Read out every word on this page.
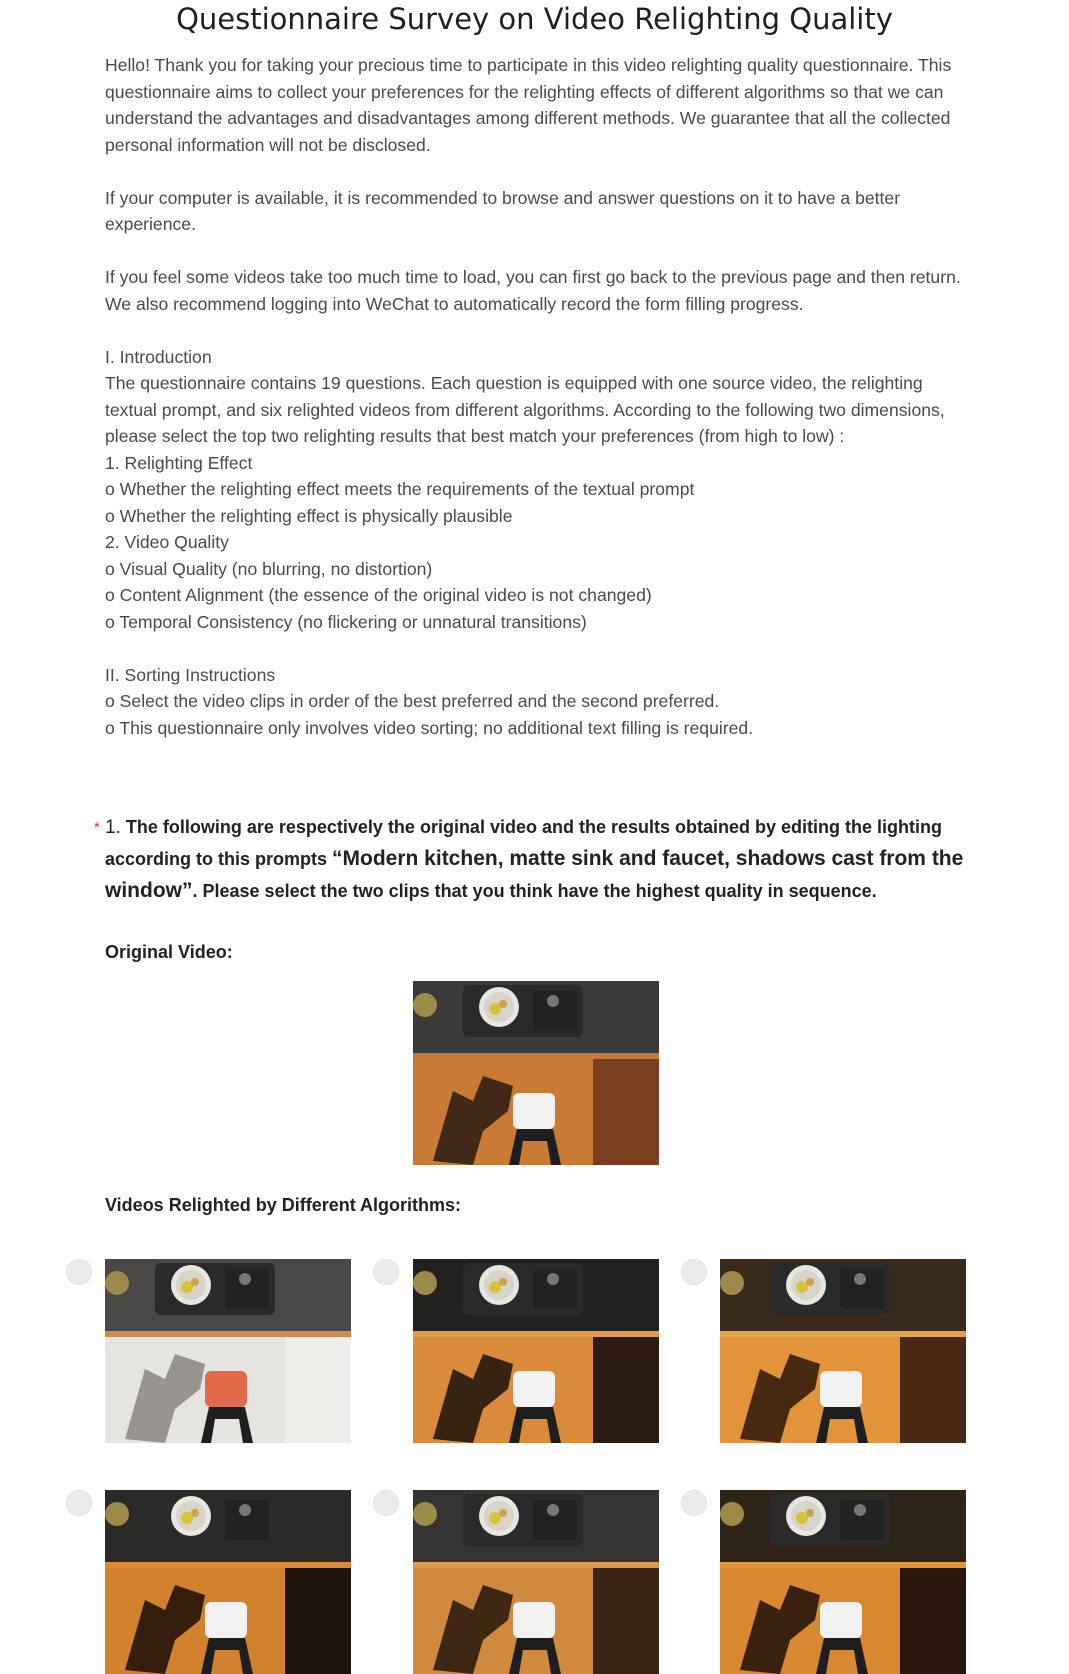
Questionnaire Survey on Video Relighting Quality

Hello! Thank you for taking your precious time to participate in this video relighting quality questionnaire. This questionnaire aims to collect your preferences for the relighting effects of different algorithms so that we can understand the advantages and disadvantages among different methods. We guarantee that all the collected personal information will not be disclosed.

If your computer is available, it is recommended to browse and answer questions on it to have a better experience.

If you feel some videos take too much time to load, you can first go back to the previous page and then return. We also recommend logging into WeChat to automatically record the form filling progress.

I. Introduction

The questionnaire contains 19 questions. Each question is equipped with one source video, the relighting textual prompt, and six relighted videos from different algorithms. According to the following two dimensions, please select the top two relighting results that best match your preferences (from high to low) :

1. Relighting Effect

o Whether the relighting effect meets the requirements of the textual prompt

o Whether the relighting effect is physically plausible

2. Video Quality

o Visual Quality (no blurring, no distortion)

o Content Alignment (the essence of the original video is not changed)

o Temporal Consistency (no flickering or unnatural transitions)

II. Sorting Instructions

o Select the video clips in order of the best preferred and the second preferred.

o This questionnaire only involves video sorting; no additional text filling is required.

* 1. The following are respectively the original video and the results obtained by editing the lighting according to this prompts “Modern kitchen, matte sink and faucet, shadows cast from the window”. Please select the two clips that you think have the highest quality in sequence.
Original Video:
Videos Relighted by Different Algorithms:
